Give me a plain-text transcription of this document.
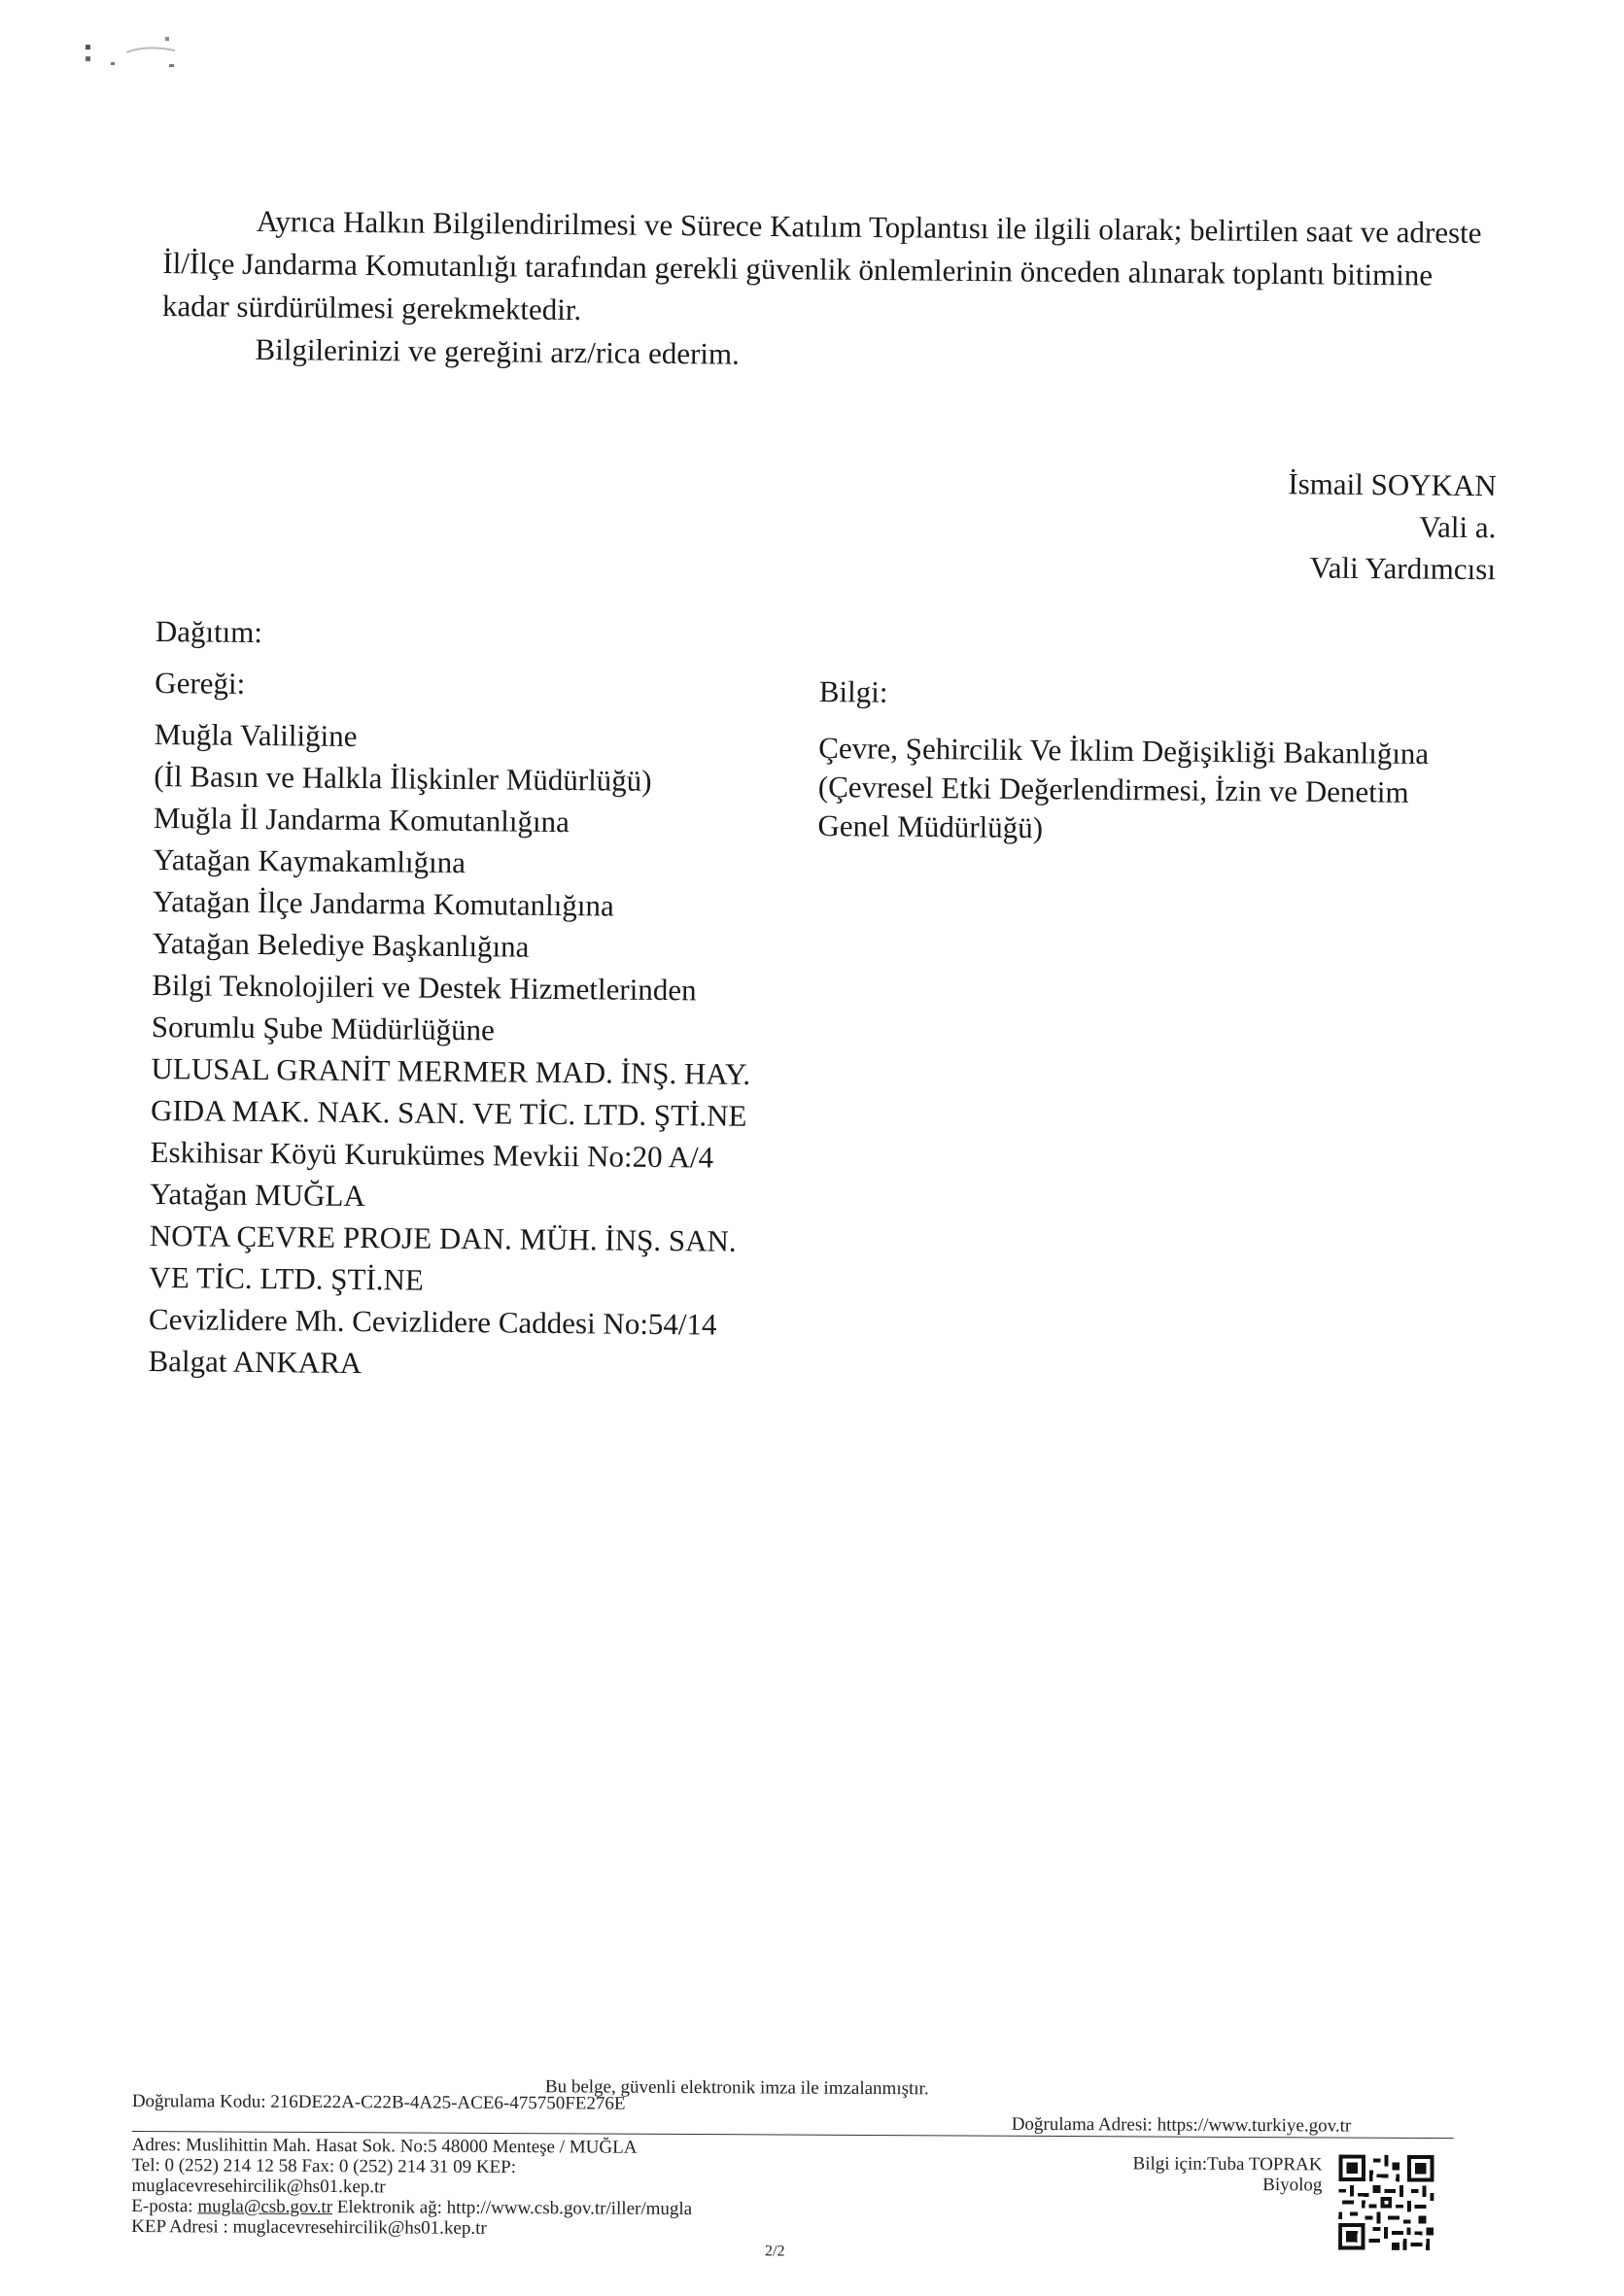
Ayrıca Halkın Bilgilendirilmesi ve Sürece Katılım Toplantısı ile ilgili olarak; belirtilen saat ve adreste İl/İlçe Jandarma Komutanlığı tarafından gerekli güvenlik önlemlerinin önceden alınarak toplantı bitimine kadar sürdürülmesi gerekmektedir.

Bilgilerinizi ve gereğini arz/rica ederim.

İsmail SOYKAN
Vali a.
Vali Yardımcısı
Dağıtım:
Gereği:
Muğla Valiliğine
(İl Basın ve Halkla İlişkinler Müdürlüğü)
Muğla İl Jandarma Komutanlığına
Yatağan Kaymakamlığına
Yatağan İlçe Jandarma Komutanlığına
Yatağan Belediye Başkanlığına
Bilgi Teknolojileri ve Destek Hizmetlerinden
Sorumlu Şube Müdürlüğüne
ULUSAL GRANİT MERMER MAD. İNŞ. HAY.
GIDA MAK. NAK. SAN. VE TİC. LTD. ŞTİ.NE
Eskihisar Köyü Kurukümes Mevkii No:20 A/4
Yatağan MUĞLA
NOTA ÇEVRE PROJE DAN. MÜH. İNŞ. SAN.
VE TİC. LTD. ŞTİ.NE
Cevizlidere Mh. Cevizlidere Caddesi No:54/14
Balgat ANKARA
Bilgi:
Çevre, Şehircilik Ve İklim Değişikliği Bakanlığına
(Çevresel Etki Değerlendirmesi, İzin ve Denetim
Genel Müdürlüğü)
Bu belge, güvenli elektronik imza ile imzalanmıştır.
Doğrulama Kodu: 216DE22A-C22B-4A25-ACE6-475750FE276E
Doğrulama Adresi: https://www.turkiye.gov.tr
Adres: Muslihittin Mah. Hasat Sok. No:5 48000 Menteşe / MUĞLA
Tel: 0 (252) 214 12 58 Fax: 0 (252) 214 31 09 KEP:
muglacevresehircilik@hs01.kep.tr
E-posta: mugla@csb.gov.tr Elektronik ağ: http://www.csb.gov.tr/iller/mugla
KEP Adresi : muglacevresehircilik@hs01.kep.tr
2/2
Bilgi için:Tuba TOPRAK
Biyolog
